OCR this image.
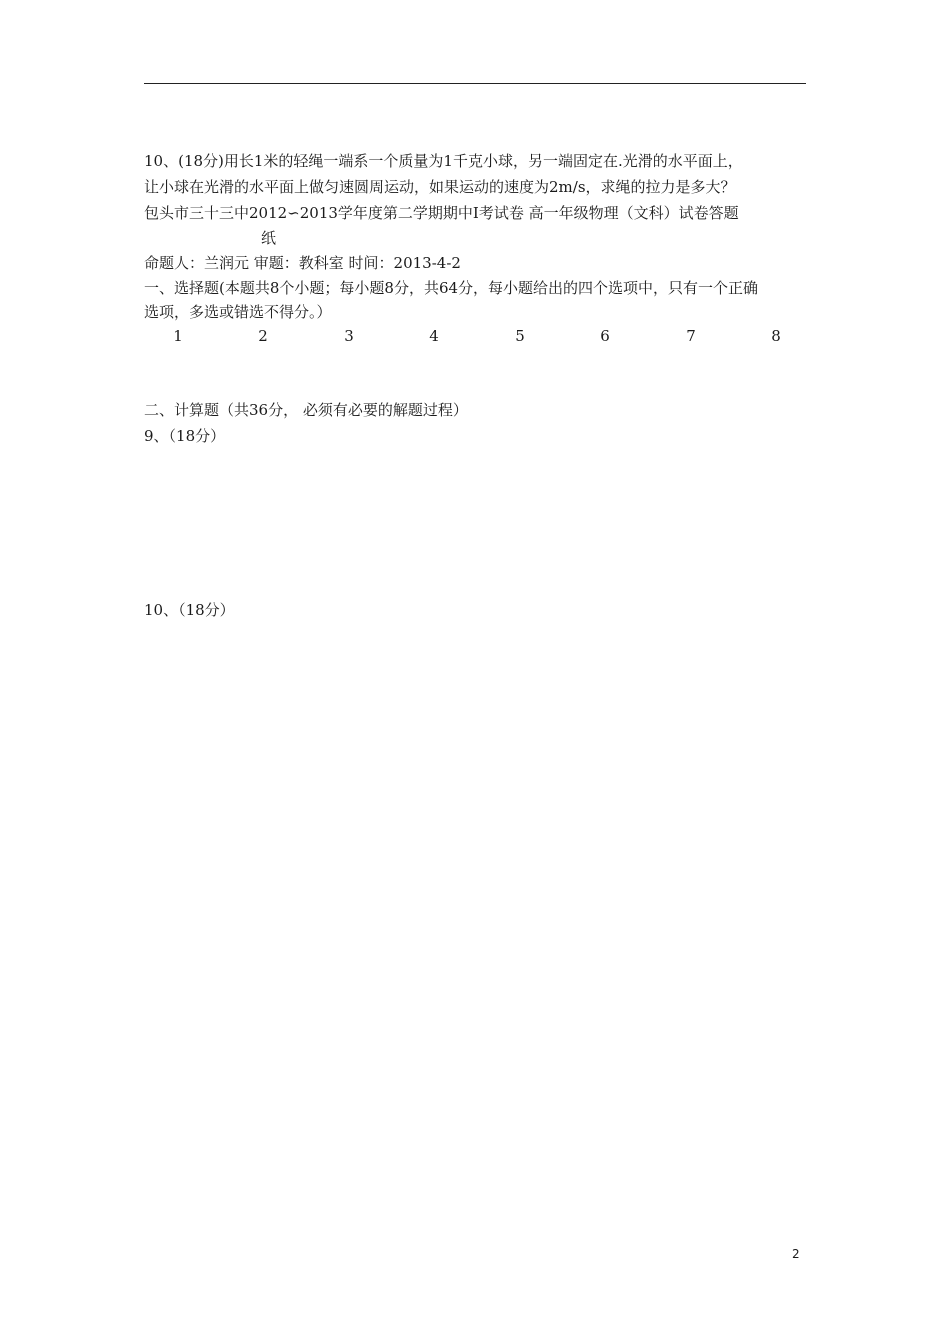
10、(18分)用长1米的轻绳一端系一个质量为1千克小球，另一端固定在.光滑的水平面上，
让小球在光滑的水平面上做匀速圆周运动，如果运动的速度为2m/s，求绳的拉力是多大？
包头市三十三中2012∽2013学年度第二学期期中Ⅰ考试卷 高一年级物理（文科）试卷答题
纸
命题人：兰润元 审题：教科室 时间：2013-4-2
一、选择题(本题共8个小题；每小题8分，共64分，每小题给出的四个选项中，只有一个正确
选项，多选或错选不得分。）
1	2	3	4	5	6	7	8
二、计算题（共36分， 必须有必要的解题过程）
9、（18分）
10、（18分）
2
